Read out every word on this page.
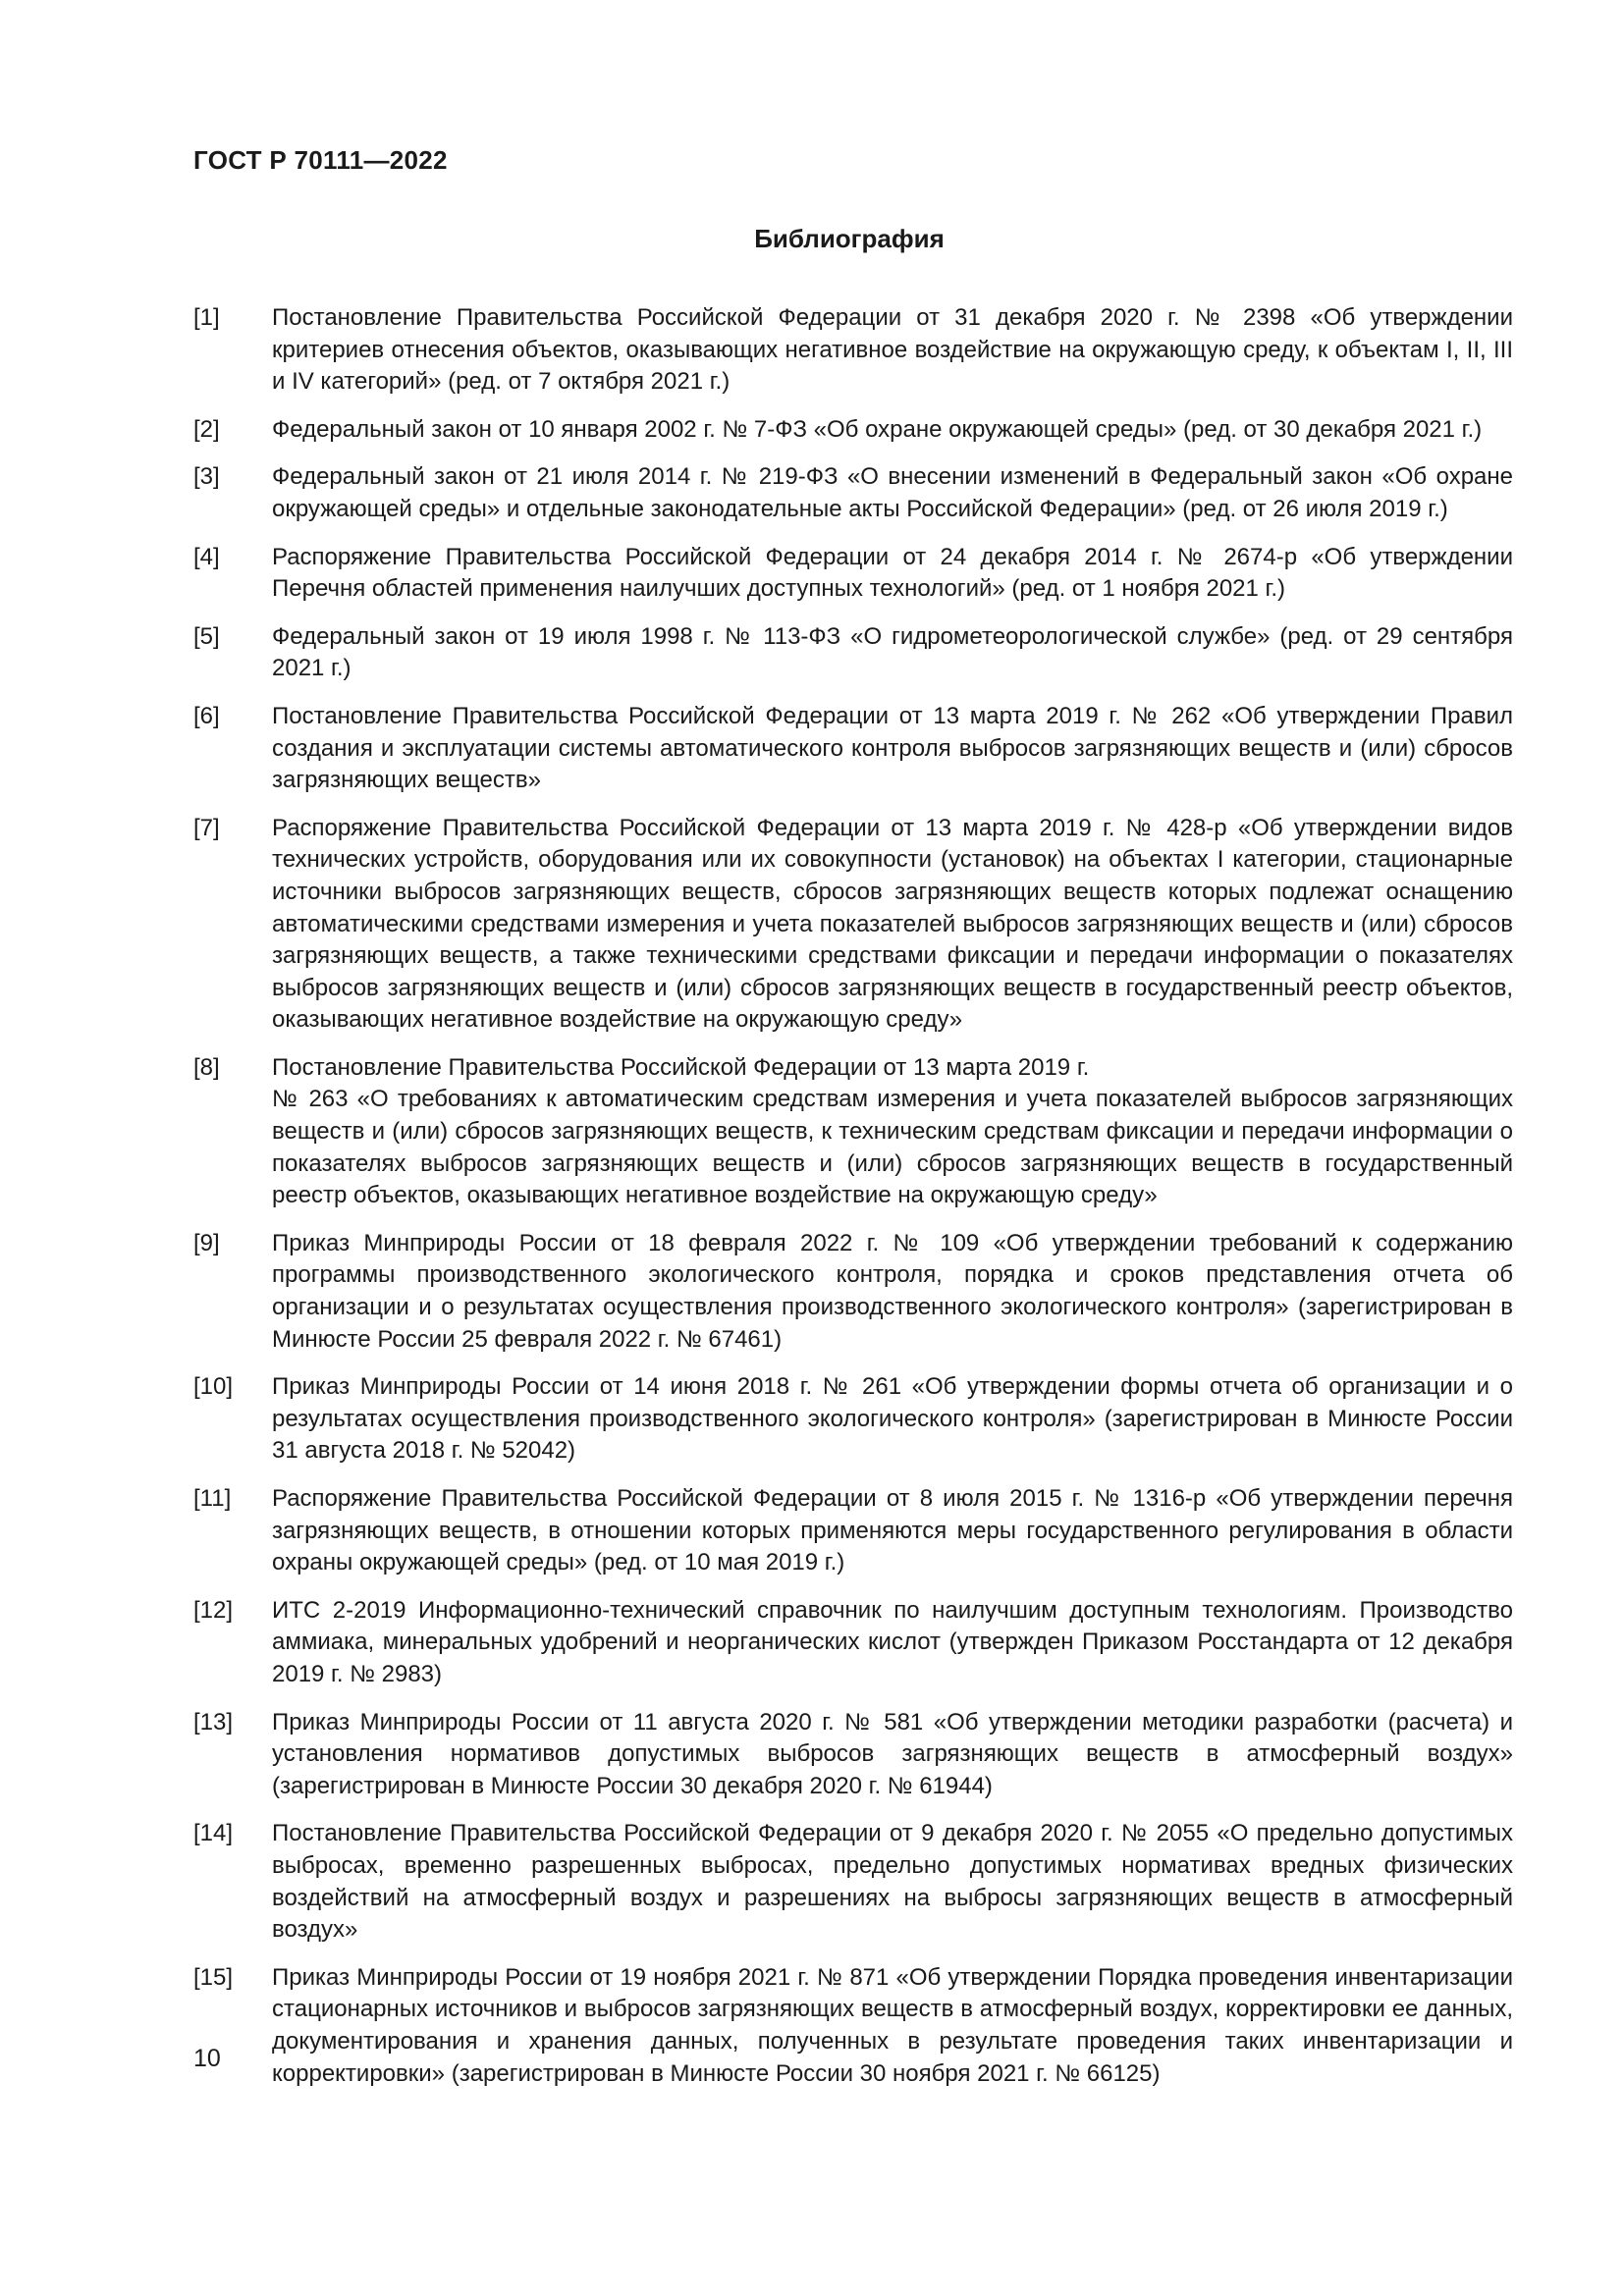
ГОСТ Р 70111—2022
Библиография
[1]	Постановление Правительства Российской Федерации от 31 декабря 2020 г. № 2398 «Об утверждении критериев отнесения объектов, оказывающих негативное воздействие на окружающую среду, к объектам I, II, III и IV категорий» (ред. от 7 октября 2021 г.)
[2]	Федеральный закон от 10 января 2002 г. № 7-ФЗ «Об охране окружающей среды» (ред. от 30 декабря 2021 г.)
[3]	Федеральный закон от 21 июля 2014 г. № 219-ФЗ «О внесении изменений в Федеральный закон «Об охране окружающей среды» и отдельные законодательные акты Российской Федерации» (ред. от 26 июля 2019 г.)
[4]	Распоряжение Правительства Российской Федерации от 24 декабря 2014 г. № 2674-р «Об утверждении Перечня областей применения наилучших доступных технологий» (ред. от 1 ноября 2021 г.)
[5]	Федеральный закон от 19 июля 1998 г. № 113-ФЗ «О гидрометеорологической службе» (ред. от 29 сентября 2021 г.)
[6]	Постановление Правительства Российской Федерации от 13 марта 2019 г. № 262 «Об утверждении Правил создания и эксплуатации системы автоматического контроля выбросов загрязняющих веществ и (или) сбросов загрязняющих веществ»
[7]	Распоряжение Правительства Российской Федерации от 13 марта 2019 г. № 428-р «Об утверждении видов технических устройств, оборудования или их совокупности (установок) на объектах I категории, стационарные источники выбросов загрязняющих веществ, сбросов загрязняющих веществ которых подлежат оснащению автоматическими средствами измерения и учета показателей выбросов загрязняющих веществ и (или) сбросов загрязняющих веществ, а также техническими средствами фиксации и передачи информации о показателях выбросов загрязняющих веществ и (или) сбросов загрязняющих веществ в государственный реестр объектов, оказывающих негативное воздействие на окружающую среду»
[8]	Постановление Правительства Российской Федерации от 13 марта 2019 г.
№ 263 «О требованиях к автоматическим средствам измерения и учета показателей выбросов загрязняющих веществ и (или) сбросов загрязняющих веществ, к техническим средствам фиксации и передачи информации о показателях выбросов загрязняющих веществ и (или) сбросов загрязняющих веществ в государственный реестр объектов, оказывающих негативное воздействие на окружающую среду»
[9]	Приказ Минприроды России от 18 февраля 2022 г. № 109 «Об утверждении требований к содержанию программы производственного экологического контроля, порядка и сроков представления отчета об организации и о результатах осуществления производственного экологического контроля» (зарегистрирован в Минюсте России 25 февраля 2022 г. № 67461)
[10]	Приказ Минприроды России от 14 июня 2018 г. № 261 «Об утверждении формы отчета об организации и о результатах осуществления производственного экологического контроля» (зарегистрирован в Минюсте России 31 августа 2018 г. № 52042)
[11]	Распоряжение Правительства Российской Федерации от 8 июля 2015 г. № 1316-р «Об утверждении перечня загрязняющих веществ, в отношении которых применяются меры государственного регулирования в области охраны окружающей среды» (ред. от 10 мая 2019 г.)
[12]	ИТС 2-2019 Информационно-технический справочник по наилучшим доступным технологиям. Производство аммиака, минеральных удобрений и неорганических кислот (утвержден Приказом Росстандарта от 12 декабря 2019 г. № 2983)
[13]	Приказ Минприроды России от 11 августа 2020 г. № 581 «Об утверждении методики разработки (расчета) и установления нормативов допустимых выбросов загрязняющих веществ в атмосферный воздух» (зарегистрирован в Минюсте России 30 декабря 2020 г. № 61944)
[14]	Постановление Правительства Российской Федерации от 9 декабря 2020 г. № 2055 «О предельно допустимых выбросах, временно разрешенных выбросах, предельно допустимых нормативах вредных физических воздействий на атмосферный воздух и разрешениях на выбросы загрязняющих веществ в атмосферный воздух»
[15]	Приказ Минприроды России от 19 ноября 2021 г. № 871 «Об утверждении Порядка проведения инвентаризации стационарных источников и выбросов загрязняющих веществ в атмосферный воздух, корректировки ее данных, документирования и хранения данных, полученных в результате проведения таких инвентаризации и корректировки» (зарегистрирован в Минюсте России 30 ноября 2021 г. № 66125)
10
